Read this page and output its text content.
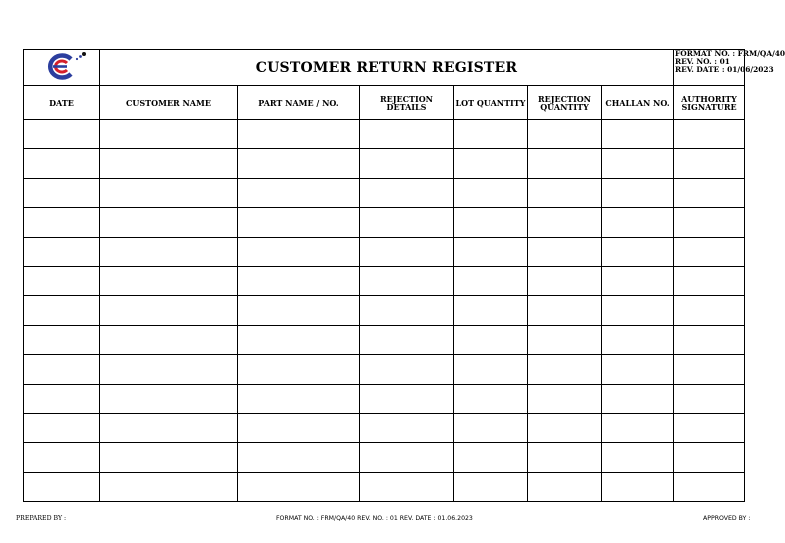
	CUSTOMER RETURN REGISTER						FORMAT NO. : FRM/QA/40
REV. NO. : 01
REV. DATE : 01/06/2023

DATE	CUSTOMER NAME	PART NAME / NO.	REJECTION DETAILS	LOT QUANTITY	REJECTION QUANTITY	CHALLAN NO.	AUTHORITY SIGNATURE

PREPARED BY :	FORMAT NO. : FRM/QA/40 REV. NO. : 01 REV. DATE : 01.06.2023	APPROVED BY :
